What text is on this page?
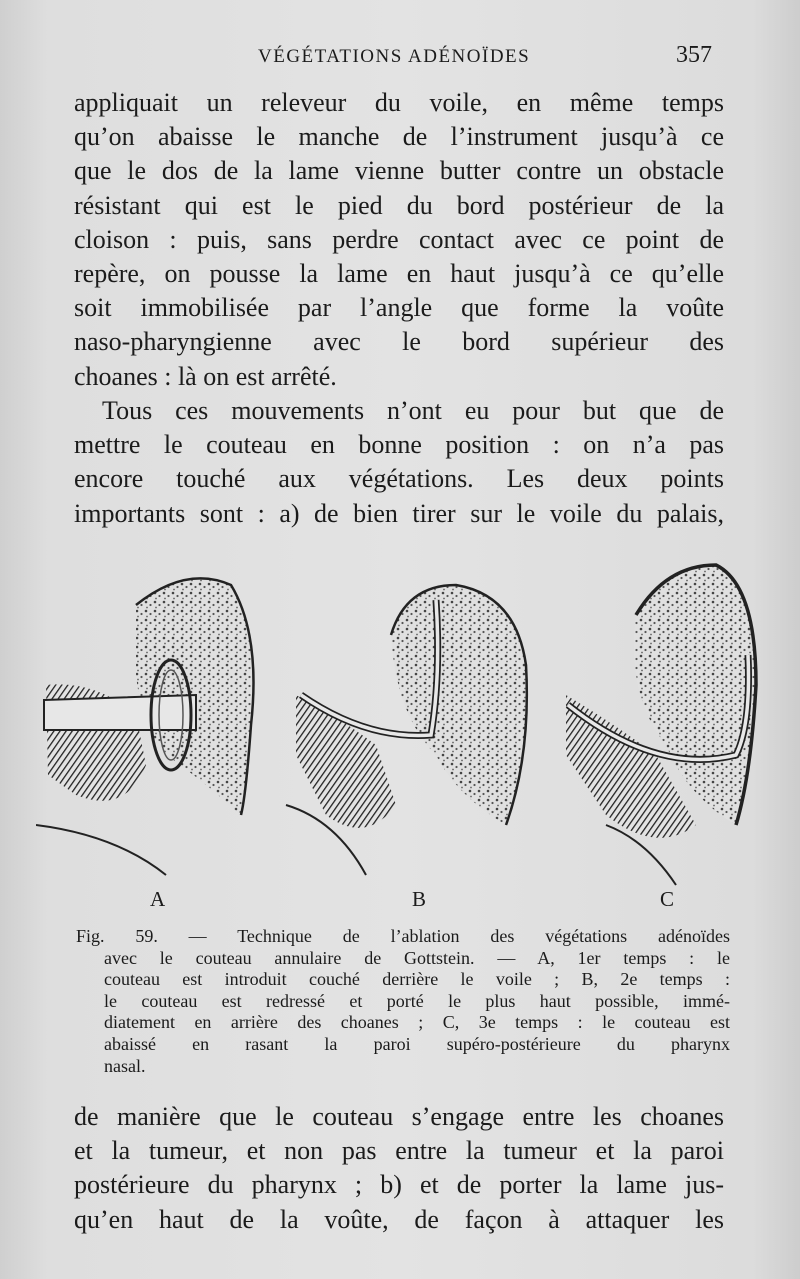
VÉGÉTATIONS ADÉNOÏDES	357
appliquait un releveur du voile, en même temps
qu’on abaisse le manche de l’instrument jusqu’à ce
que le dos de la lame vienne butter contre un obstacle
résistant qui est le pied du bord postérieur de la
cloison : puis, sans perdre contact avec ce point de
repère, on pousse la lame en haut jusqu’à ce qu’elle
soit immobilisée par l’angle que forme la voûte
naso-pharyngienne avec le bord supérieur des
choanes : là on est arrêté.
Tous ces mouvements n’ont eu pour but que de
mettre le couteau en bonne position : on n’a pas
encore touché aux végétations. Les deux points
importants sont : a) de bien tirer sur le voile du palais,
A	B	C
Fig. 59. — Technique de l’ablation des végétations adénoïdes
avec le couteau annulaire de Gottstein. — A, 1er temps : le
couteau est introduit couché derrière le voile ; B, 2e temps :
le couteau est redressé et porté le plus haut possible, immé-
diatement en arrière des choanes ; C, 3e temps : le couteau est
abaissé en rasant la paroi supéro-postérieure du pharynx
nasal.
de manière que le couteau s’engage entre les choanes
et la tumeur, et non pas entre la tumeur et la paroi
postérieure du pharynx ; b) et de porter la lame jus-
qu’en haut de la voûte, de façon à attaquer les
